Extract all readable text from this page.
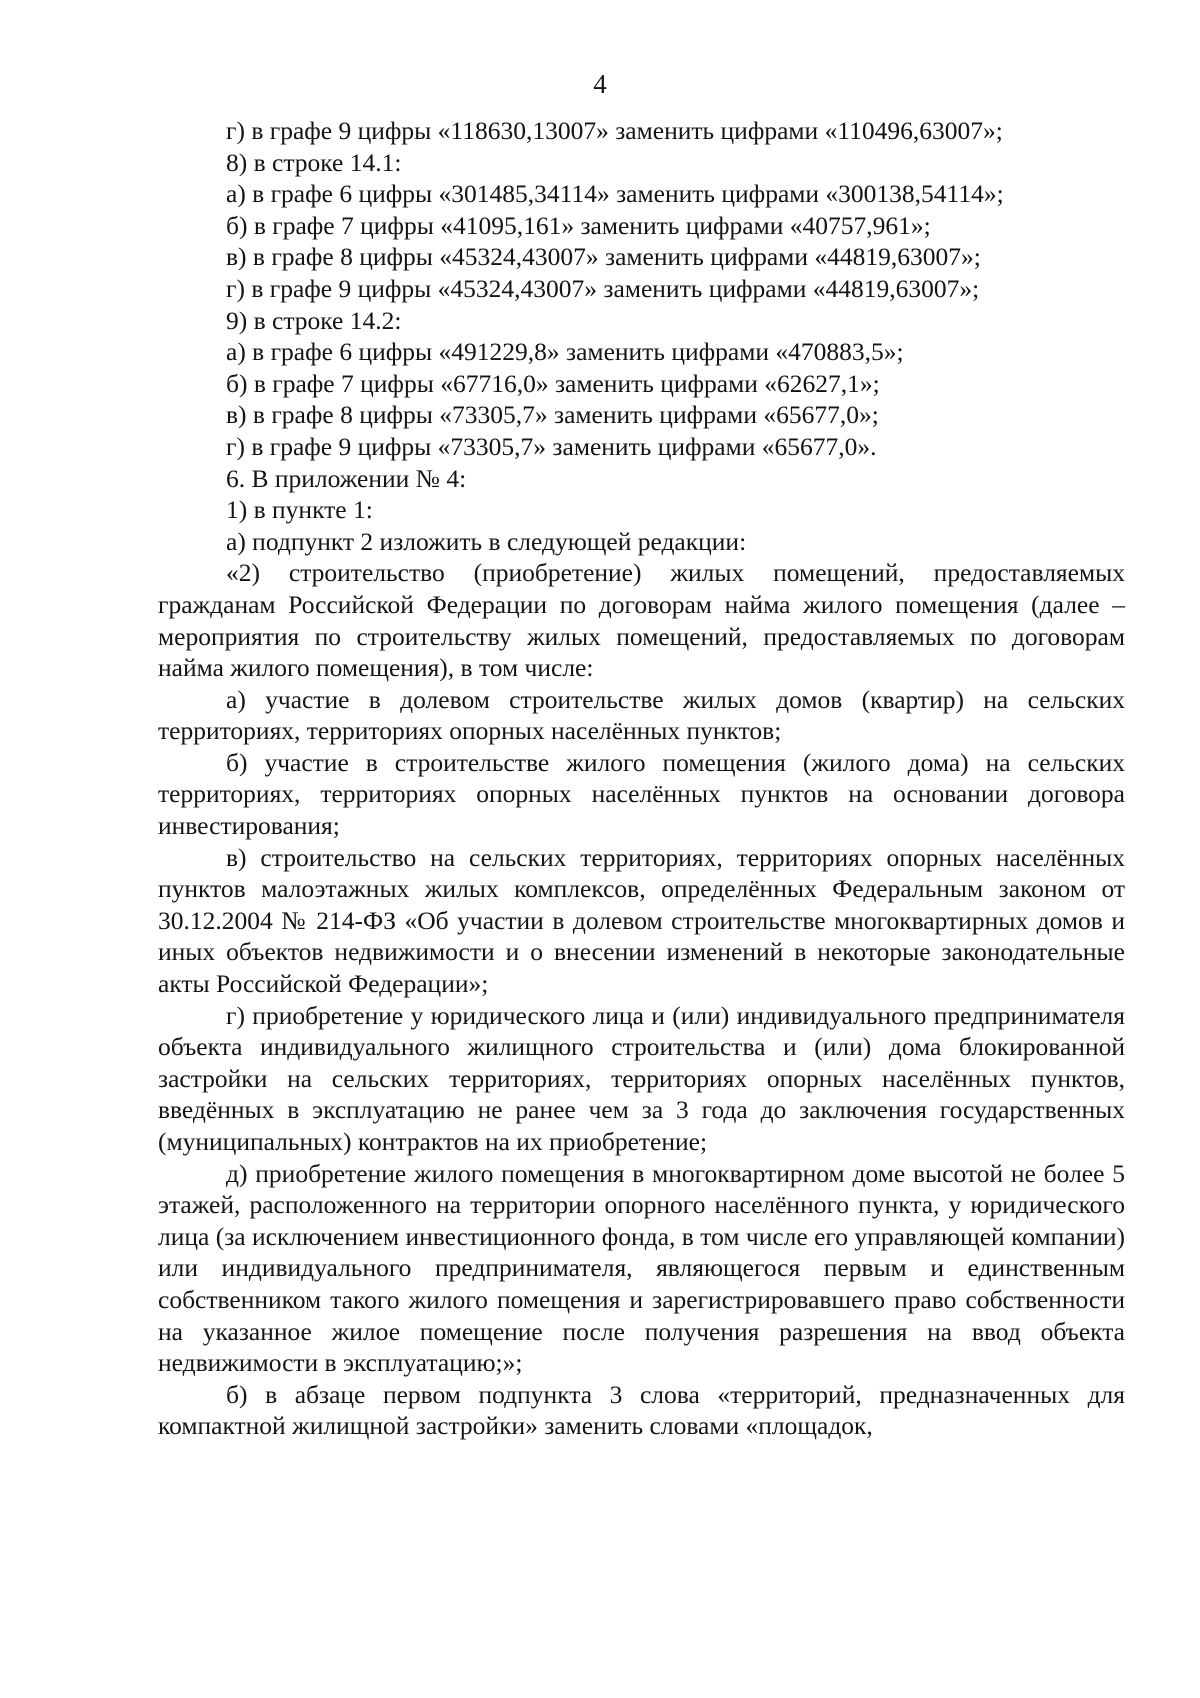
4
г) в графе 9 цифры «118630,13007» заменить цифрами «110496,63007»;
8) в строке 14.1:
а) в графе 6 цифры «301485,34114» заменить цифрами «300138,54114»;
б) в графе 7 цифры «41095,161» заменить цифрами «40757,961»;
в) в графе 8 цифры «45324,43007» заменить цифрами «44819,63007»;
г) в графе 9 цифры «45324,43007» заменить цифрами «44819,63007»;
9) в строке 14.2:
а) в графе 6 цифры «491229,8» заменить цифрами «470883,5»;
б) в графе 7 цифры «67716,0» заменить цифрами «62627,1»;
в) в графе 8 цифры «73305,7» заменить цифрами «65677,0»;
г) в графе 9 цифры «73305,7» заменить цифрами «65677,0».
6. В приложении № 4:
1) в пункте 1:
а) подпункт 2 изложить в следующей редакции:

«2) строительство (приобретение) жилых помещений, предоставляемых гражданам Российской Федерации по договорам найма жилого помещения (далее – мероприятия по строительству жилых помещений, предоставляемых по договорам найма жилого помещения), в том числе:

а) участие в долевом строительстве жилых домов (квартир) на сельских территориях, территориях опорных населённых пунктов;

б) участие в строительстве жилого помещения (жилого дома) на сельских территориях, территориях опорных населённых пунктов на основании договора инвестирования;

в) строительство на сельских территориях, территориях опорных населённых пунктов малоэтажных жилых комплексов, определённых Федеральным законом от 30.12.2004 № 214-ФЗ «Об участии в долевом строительстве многоквартирных домов и иных объектов недвижимости и о внесении изменений в некоторые законодательные акты Российской Федерации»;

г) приобретение у юридического лица и (или) индивидуального предпринимателя объекта индивидуального жилищного строительства и (или) дома блокированной застройки на сельских территориях, территориях опорных населённых пунктов, введённых в эксплуатацию не ранее чем за 3 года до заключения государственных (муниципальных) контрактов на их приобретение;

д) приобретение жилого помещения в многоквартирном доме высотой не более 5 этажей, расположенного на территории опорного населённого пункта, у юридического лица (за исключением инвестиционного фонда, в том числе его управляющей компании) или индивидуального предпринимателя, являющегося первым и единственным собственником такого жилого помещения и зарегистрировавшего право собственности на указанное жилое помещение после получения разрешения на ввод объекта недвижимости в эксплуатацию;»;

б) в абзаце первом подпункта 3 слова «территорий, предназначенных для компактной жилищной застройки» заменить словами «площадок,
